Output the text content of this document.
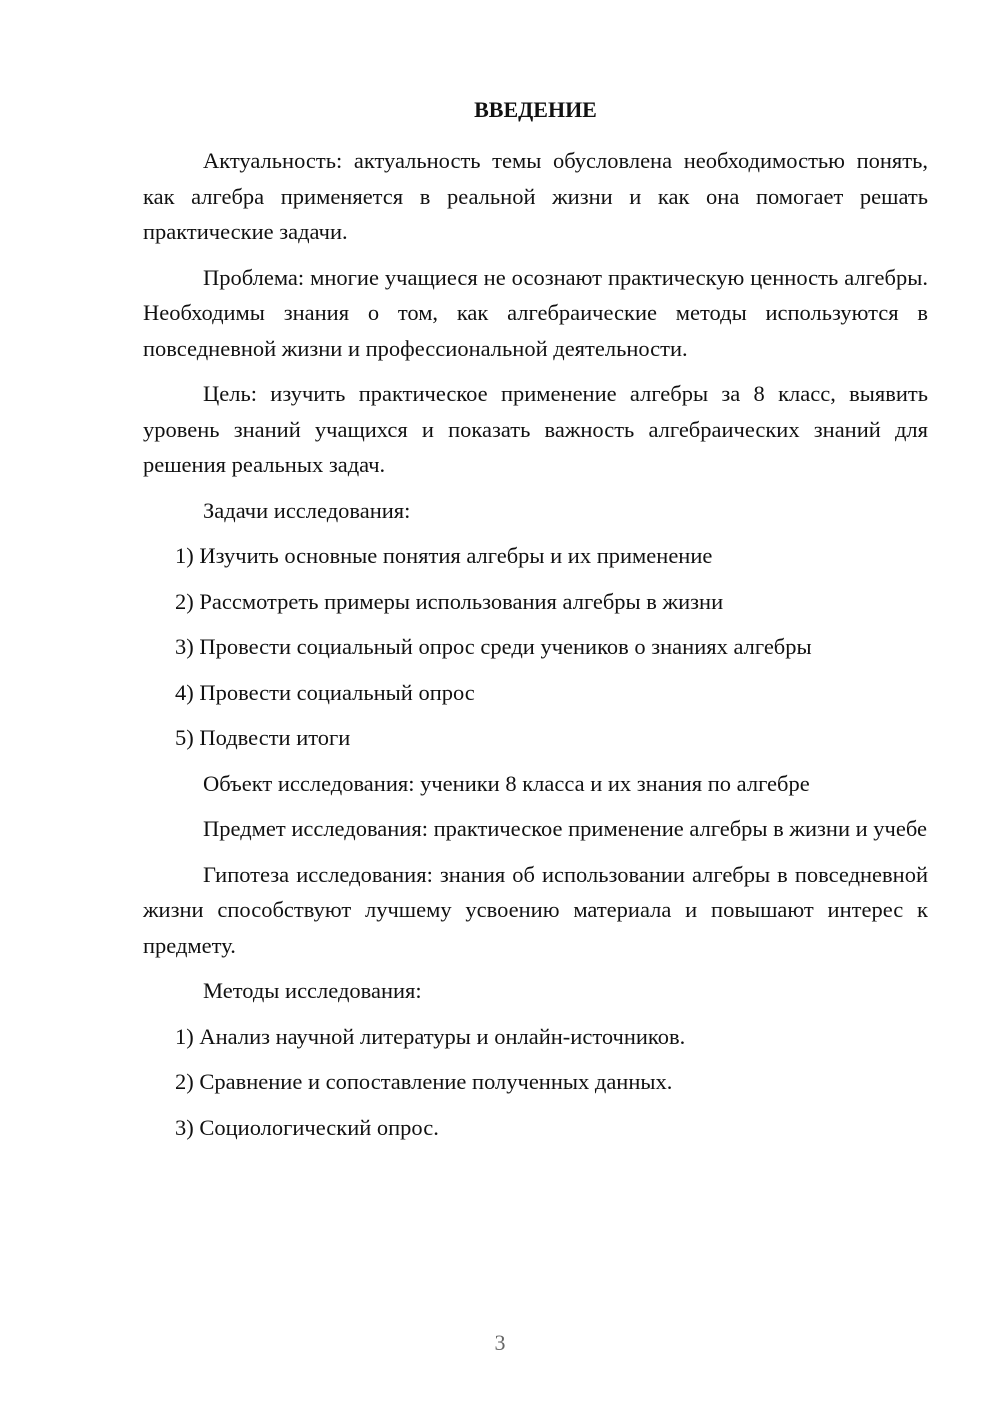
ВВЕДЕНИЕ

Актуальность: актуальность темы обусловлена необходимостью понять, как алгебра применяется в реальной жизни и как она помогает решать практические задачи.

Проблема: многие учащиеся не осознают практическую ценность алгебры. Необходимы знания о том, как алгебраические методы используются в повседневной жизни и профессиональной деятельности.

Цель: изучить практическое применение алгебры за 8 класс, выявить уровень знаний учащихся и показать важность алгебраических знаний для решения реальных задач.

Задачи исследования:
1) Изучить основные понятия алгебры и их применение
2) Рассмотреть примеры использования алгебры в жизни
3) Провести социальный опрос среди учеников о знаниях алгебры
4) Провести социальный опрос
5) Подвести итоги

Объект исследования: ученики 8 класса и их знания по алгебре

Предмет исследования: практическое применение алгебры в жизни и учебе

Гипотеза исследования: знания об использовании алгебры в повседневной жизни способствуют лучшему усвоению материала и повышают интерес к предмету.

Методы исследования:
1) Анализ научной литературы и онлайн-источников.
2) Сравнение и сопоставление полученных данных.
3) Социологический опрос.
3
